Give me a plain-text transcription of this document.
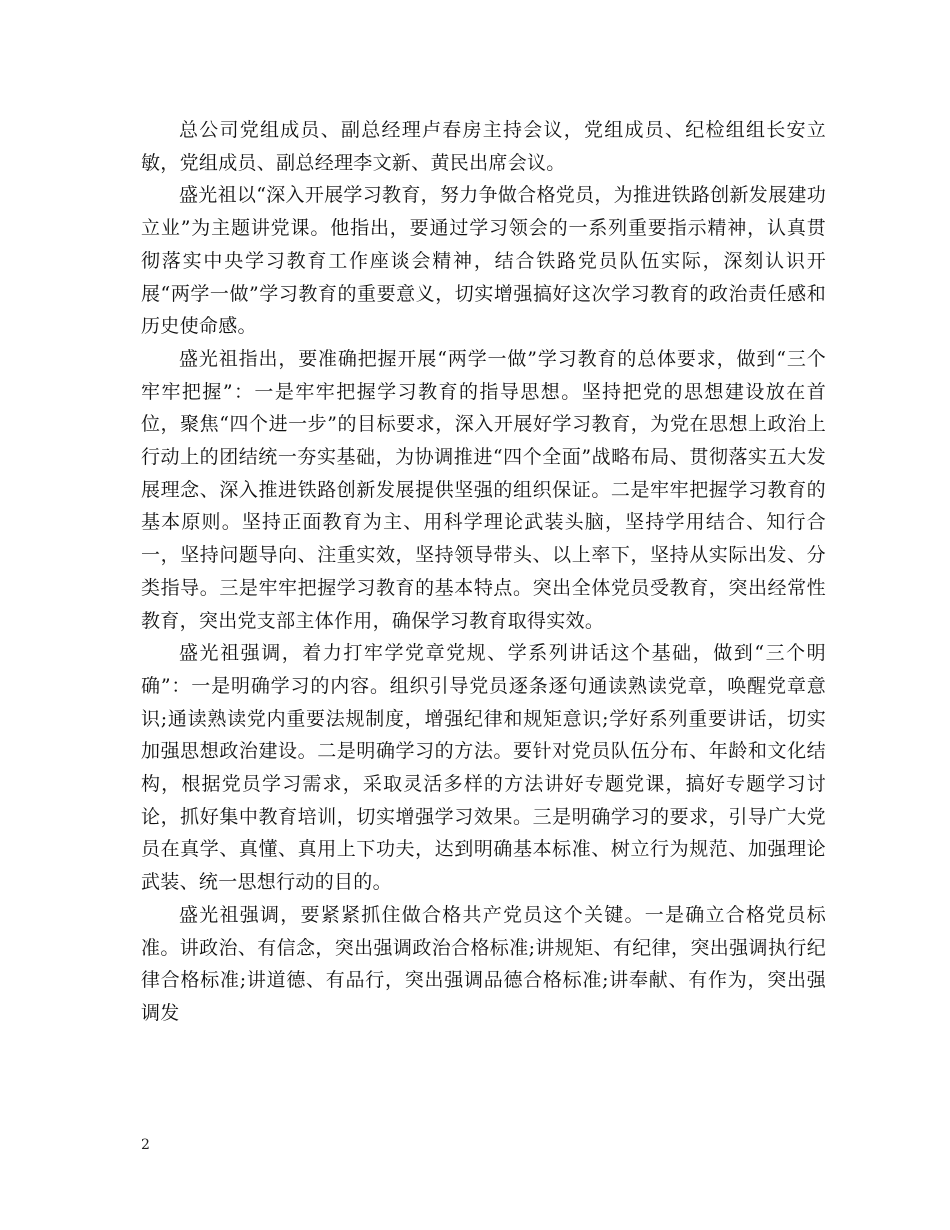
总公司党组成员、副总经理卢春房主持会议，党组成员、纪检组组长安立敏，党组成员、副总经理李文新、黄民出席会议。

盛光祖以“深入开展学习教育，努力争做合格党员，为推进铁路创新发展建功立业”为主题讲党课。他指出，要通过学习领会的一系列重要指示精神，认真贯彻落实中央学习教育工作座谈会精神，结合铁路党员队伍实际，深刻认识开展“两学一做”学习教育的重要意义，切实增强搞好这次学习教育的政治责任感和历史使命感。

盛光祖指出，要准确把握开展“两学一做”学习教育的总体要求，做到“三个牢牢把握”：一是牢牢把握学习教育的指导思想。坚持把党的思想建设放在首位，聚焦“四个进一步”的目标要求，深入开展好学习教育，为党在思想上政治上行动上的团结统一夯实基础，为协调推进“四个全面”战略布局、贯彻落实五大发展理念、深入推进铁路创新发展提供坚强的组织保证。二是牢牢把握学习教育的基本原则。坚持正面教育为主、用科学理论武装头脑，坚持学用结合、知行合一，坚持问题导向、注重实效，坚持领导带头、以上率下，坚持从实际出发、分类指导。三是牢牢把握学习教育的基本特点。突出全体党员受教育，突出经常性教育，突出党支部主体作用，确保学习教育取得实效。

盛光祖强调，着力打牢学党章党规、学系列讲话这个基础，做到“三个明确”：一是明确学习的内容。组织引导党员逐条逐句通读熟读党章，唤醒党章意识;通读熟读党内重要法规制度，增强纪律和规矩意识;学好系列重要讲话，切实加强思想政治建设。二是明确学习的方法。要针对党员队伍分布、年龄和文化结构，根据党员学习需求，采取灵活多样的方法讲好专题党课，搞好专题学习讨论，抓好集中教育培训，切实增强学习效果。三是明确学习的要求，引导广大党员在真学、真懂、真用上下功夫，达到明确基本标准、树立行为规范、加强理论武装、统一思想行动的目的。

盛光祖强调，要紧紧抓住做合格共产党员这个关键。一是确立合格党员标准。讲政治、有信念，突出强调政治合格标准;讲规矩、有纪律，突出强调执行纪律合格标准;讲道德、有品行，突出强调品德合格标准;讲奉献、有作为，突出强调发

2
